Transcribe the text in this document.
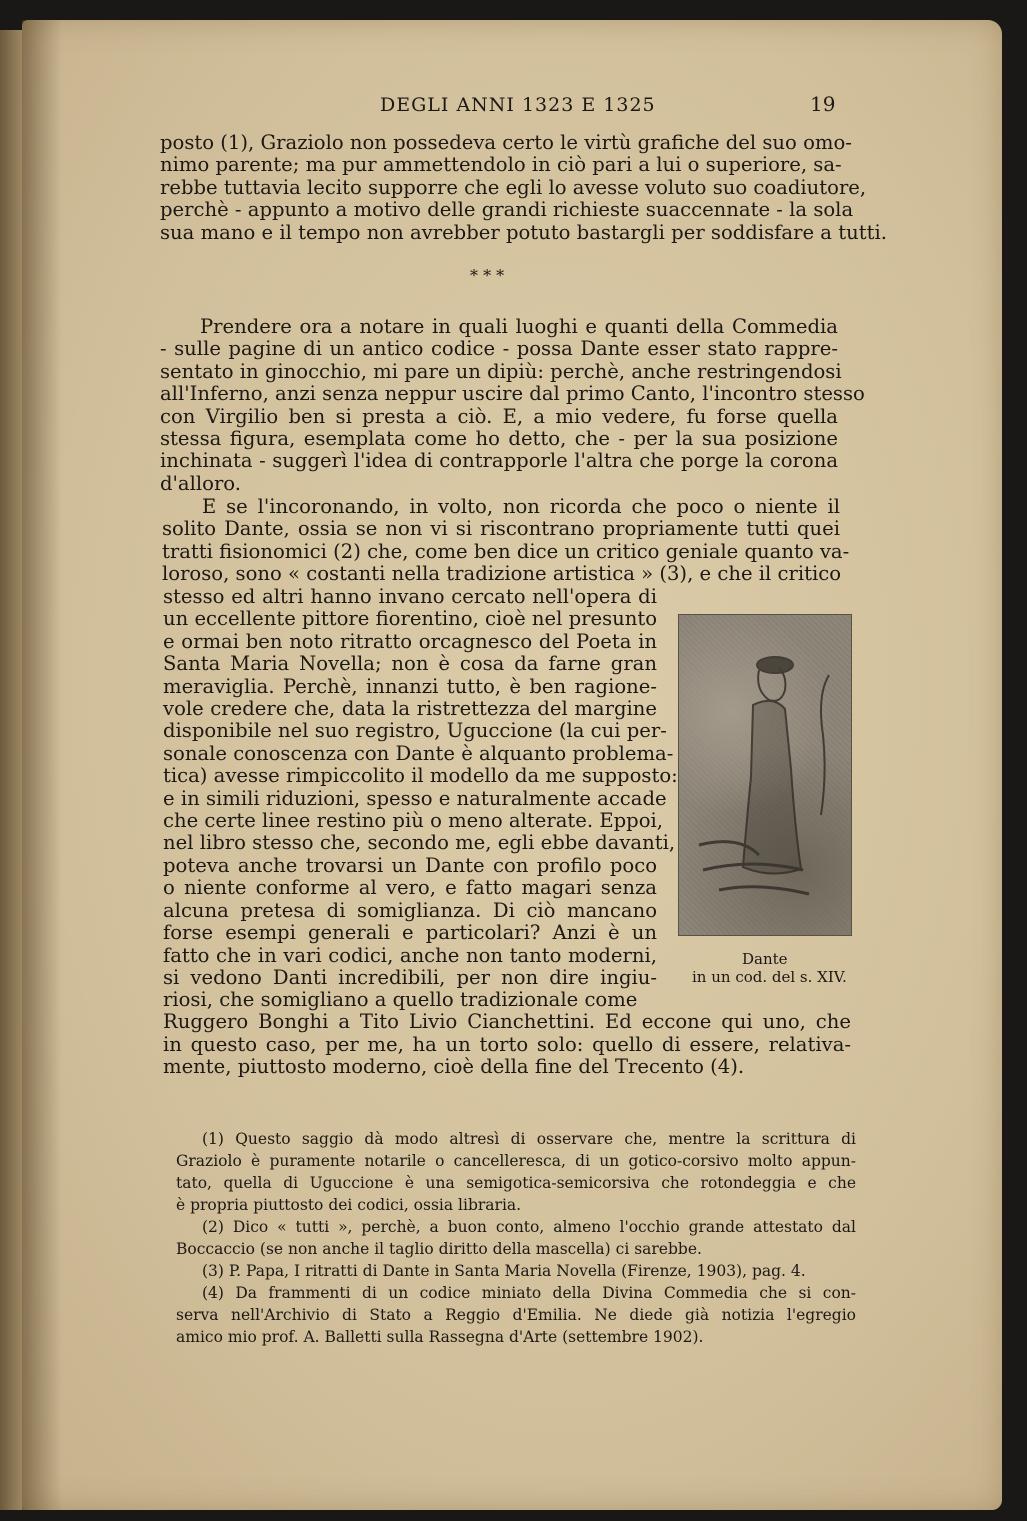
DEGLI ANNI 1323 E 1325	19
posto (1), Graziolo non possedeva certo le virtù grafiche del suo omo-
nimo parente; ma pur ammettendolo in ciò pari a lui o superiore, sa-
rebbe tuttavia lecito supporre che egli lo avesse voluto suo coadiutore,
perchè - appunto a motivo delle grandi richieste suaccennate - la sola
sua mano e il tempo non avrebber potuto bastargli per soddisfare a tutti.
* * *
Prendere ora a notare in quali luoghi e quanti della Commedia
- sulle pagine di un antico codice - possa Dante esser stato rappre-
sentato in ginocchio, mi pare un dipiù: perchè, anche restringendosi
all'Inferno, anzi senza neppur uscire dal primo Canto, l'incontro stesso
con Virgilio ben si presta a ciò. E, a mio vedere, fu forse quella
stessa figura, esemplata come ho detto, che - per la sua posizione
inchinata - suggerì l'idea di contrapporle l'altra che porge la corona
d'alloro.
E se l'incoronando, in volto, non ricorda che poco o niente il
solito Dante, ossia se non vi si riscontrano propriamente tutti quei
tratti fisionomici (2) che, come ben dice un critico geniale quanto va-
loroso, sono « costanti nella tradizione artistica » (3), e che il critico
stesso ed altri hanno invano cercato nell'opera di
un eccellente pittore fiorentino, cioè nel presunto
e ormai ben noto ritratto orcagnesco del Poeta in
Santa Maria Novella; non è cosa da farne gran
meraviglia. Perchè, innanzi tutto, è ben ragione-
vole credere che, data la ristrettezza del margine
disponibile nel suo registro, Uguccione (la cui per-
sonale conoscenza con Dante è alquanto problema-
tica) avesse rimpiccolito il modello da me supposto:
e in simili riduzioni, spesso e naturalmente accade
che certe linee restino più o meno alterate. Eppoi,
nel libro stesso che, secondo me, egli ebbe davanti,
poteva anche trovarsi un Dante con profilo poco
o niente conforme al vero, e fatto magari senza
alcuna pretesa di somiglianza. Di ciò mancano
forse esempi generali e particolari? Anzi è un
fatto che in vari codici, anche non tanto moderni,
si vedono Danti incredibili, per non dire ingiu-
riosi, che somigliano a quello tradizionale come
Ruggero Bonghi a Tito Livio Cianchettini. Ed eccone qui uno, che
in questo caso, per me, ha un torto solo: quello di essere, relativa-
mente, piuttosto moderno, cioè della fine del Trecento (4).
Dante
in un cod. del s. XIV.
(1) Questo saggio dà modo altresì di osservare che, mentre la scrittura di
Graziolo è puramente notarile o cancelleresca, di un gotico-corsivo molto appun-
tato, quella di Uguccione è una semigotica-semicorsiva che rotondeggia e che
è propria piuttosto dei codici, ossia libraria.
(2) Dico « tutti », perchè, a buon conto, almeno l'occhio grande attestato dal
Boccaccio (se non anche il taglio diritto della mascella) ci sarebbe.
(3) P. Papa, I ritratti di Dante in Santa Maria Novella (Firenze, 1903), pag. 4.
(4) Da frammenti di un codice miniato della Divina Commedia che si con-
serva nell'Archivio di Stato a Reggio d'Emilia. Ne diede già notizia l'egregio
amico mio prof. A. Balletti sulla Rassegna d'Arte (settembre 1902).
